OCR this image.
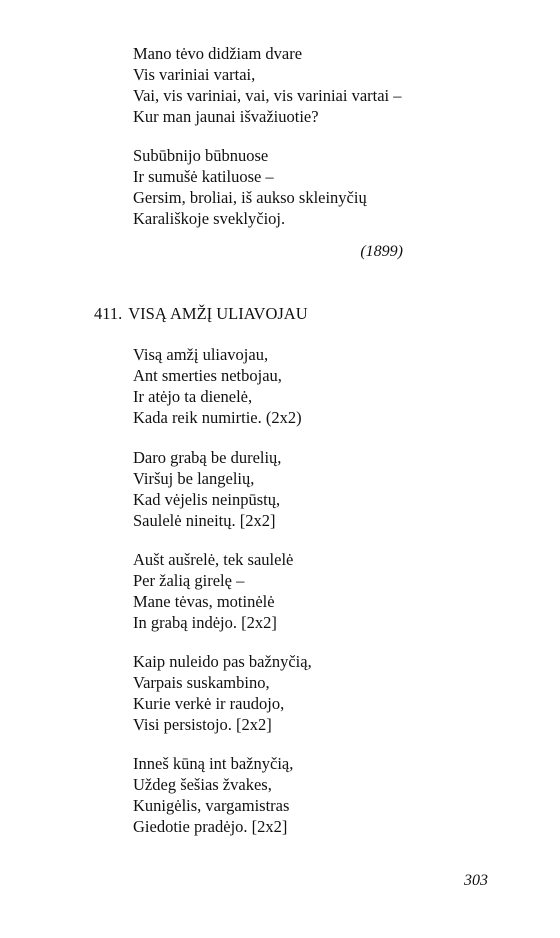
Mano tėvo didžiam dvare
Vis variniai vartai,
Vai, vis variniai, vai, vis variniai vartai –
Kur man jaunai išvažiuotie?
Subūbnijo būbnuose
Ir sumušė katiluose –
Gersim, broliai, iš aukso skleinyčių
Karališkoje sveklyčioj.
(1899)
411. VISĄ AMŽĮ ULIAVOJAU
Visą amžį uliavojau,
Ant smerties netbojau,
Ir atėjo ta dienelė,
Kada reik numirtie. (2x2)
Daro grabą be durelių,
Viršuj be langelių,
Kad vėjelis neinpūstų,
Saulelė nineitų. [2x2]
Aušt aušrelė, tek saulelė
Per žalią girelę –
Mane tėvas, motinėlė
In grabą indėjo. [2x2]
Kaip nuleido pas bažnyčią,
Varpais suskambino,
Kurie verkė ir raudojo,
Visi persistojo. [2x2]
Inneš kūną int bažnyčią,
Uždeg šešias žvakes,
Kunigėlis, vargamistras
Giedotie pradėjo. [2x2]
303
